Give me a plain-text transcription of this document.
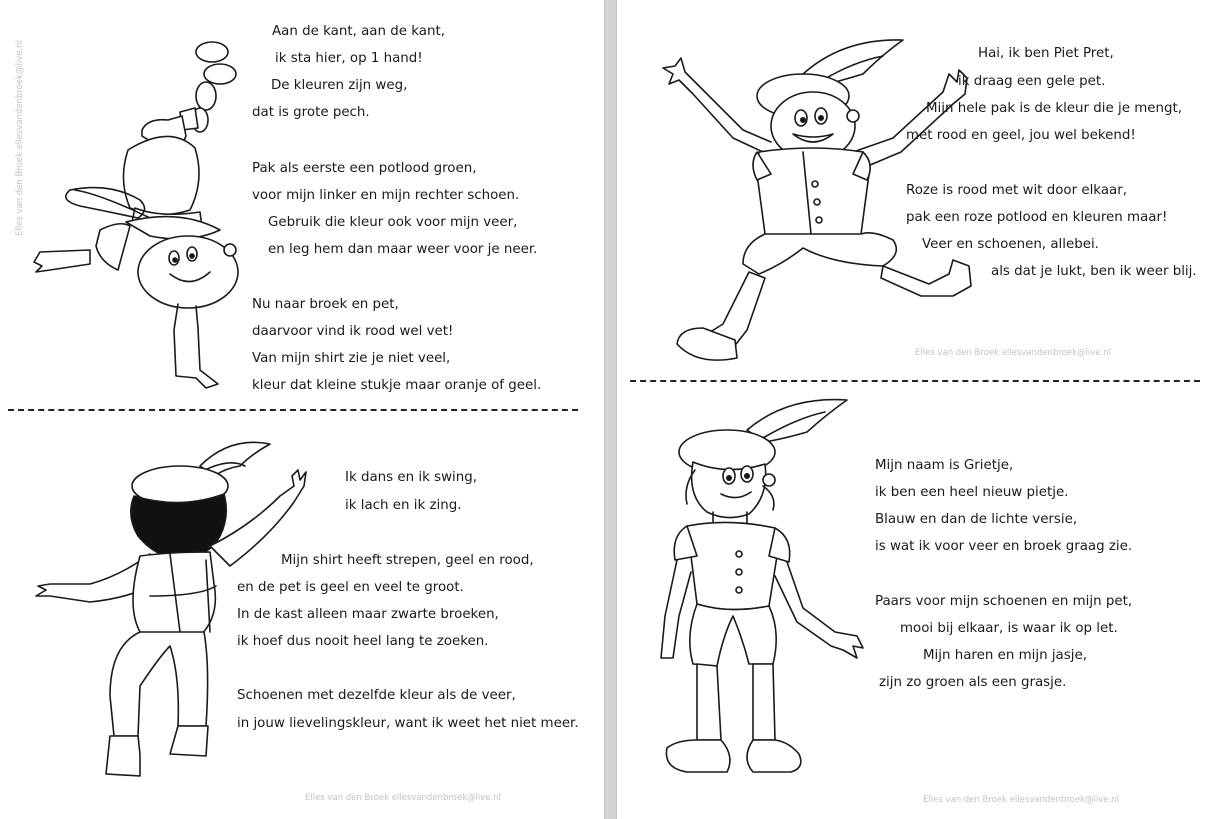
Elles van den Broek ellesvandenbroek@live.nl
Aan de kant, aan de kant,
ik sta hier, op 1 hand!
De kleuren zijn weg,
dat is grote pech.
Pak als eerste een potlood groen,
voor mijn linker en mijn rechter schoen.
Gebruik die kleur ook voor mijn veer,
en leg hem dan maar weer voor je neer.
Nu naar broek en pet,
daarvoor vind ik rood wel vet!
Van mijn shirt zie je niet veel,
kleur dat kleine stukje maar oranje of geel.
Ik dans en ik swing,
ik lach en ik zing.
Mijn shirt heeft strepen, geel en rood,
en de pet is geel en veel te groot.
In de kast alleen maar zwarte broeken,
ik hoef dus nooit heel lang te zoeken.
Schoenen met dezelfde kleur als de veer,
in jouw lievelingskleur, want ik weet het niet meer.
Elles van den Broek ellesvandenbroek@live.nl
Hai, ik ben Piet Pret,
ik draag een gele pet.
Mijn hele pak is de kleur die je mengt,
met rood en geel, jou wel bekend!
Roze is rood met wit door elkaar,
pak een roze potlood en kleuren maar!
Veer en schoenen, allebei.
als dat je lukt, ben ik weer blij.
Elles van den Broek ellesvandenbroek@live.nl
Mijn naam is Grietje,
ik ben een heel nieuw pietje.
Blauw en dan de lichte versie,
is wat ik voor veer en broek graag zie.
Paars voor mijn schoenen en mijn pet,
mooi bij elkaar, is waar ik op let.
Mijn haren en mijn jasje,
zijn zo groen als een grasje.
Elles van den Broek ellesvandenbroek@live.nl
